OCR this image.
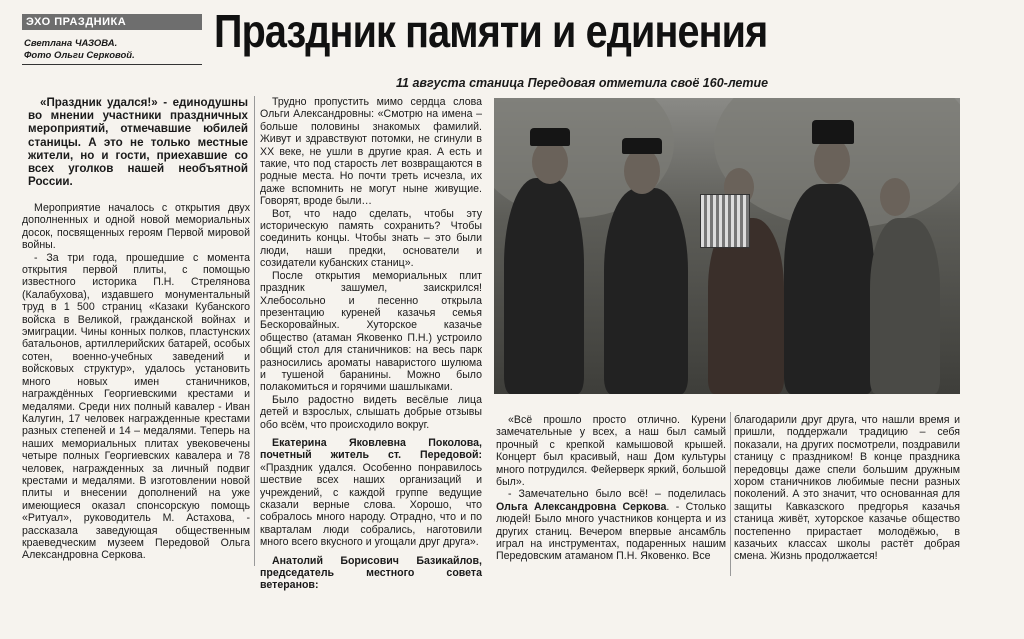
ЭХО ПРАЗДНИКА
Светлана ЧАЗОВА.
Фото Ольги Серковой. Праздник памяти и единения
11 августа станица Передовая отметила своё 160-летие
«Праздник удался!» - единодушны во мнении участники праздничных мероприятий, отмечавшие юбилей станицы. А это не только местные жители, но и гости, приехавшие со всех уголков нашей необъятной России.

Мероприятие началось с открытия двух дополненных и одной новой мемориальных досок, посвященных героям Первой мировой войны.

- За три года, прошедшие с момента открытия первой плиты, с помощью известного историка П.Н. Стрелянова (Калабухова), издавшего монументальный труд в 1 500 страниц «Казаки Кубанского войска в Великой, гражданской войнах и эмиграции. Чины конных полков, пластунских батальонов, артиллерийских батарей, особых сотен, военно-учебных заведений и войсковых структур», удалось установить много новых имен станичников, награждённых Георгиевскими крестами и медалями. Среди них полный кавалер - Иван Калугин, 17 человек награжденные крестами разных степеней и 14 – медалями. Теперь на наших мемориальных плитах увековечены четыре полных Георгиевских кавалера и 78 человек, награжденных за личный подвиг крестами и медалями. В изготовлении новой плиты и внесении дополнений на уже имеющиеся оказал спонсорскую помощь «Ритуал», руководитель М. Астахова, - рассказала заведующая общественным краеведческим музеем Передовой Ольга Александровна Серкова.

Трудно пропустить мимо сердца слова Ольги Александровны: «Смотрю на имена – больше половины знакомых фамилий. Живут и здравствуют потомки, не сгинули в ХХ веке, не ушли в другие края. А есть и такие, что под старость лет возвращаются в родные места. Но почти треть исчезла, их даже вспомнить не могут ныне живущие. Говорят, вроде были…

Вот, что надо сделать, чтобы эту историческую память сохранить? Чтобы соединить концы. Чтобы знать – это были люди, наши предки, основатели и созидатели кубанских станиц».

После открытия мемориальных плит праздник зашумел, заискрился! Хлебосольно и песенно открыла презентацию куреней казачья семья Бескоровайных. Хуторское казачье общество (атаман Яковенко П.Н.) устроило общий стол для станичников: на весь парк разносились ароматы наваристого шулюма и тушеной баранины. Можно было полакомиться и горячими шашлыками.

Было радостно видеть весёлые лица детей и взрослых, слышать добрые отзывы обо всём, что происходило вокруг.

Екатерина Яковлевна Поколова, почетный житель ст. Передовой: «Праздник удался. Особенно понравилось шествие всех наших организаций и учреждений, с каждой группе ведущие сказали верные слова. Хорошо, что собралось много народу. Отрадно, что и по кварталам люди собрались, наготовили много всего вкусного и угощали друг друга».

Анатолий Борисович Базикайлов, председатель местного совета ветеранов:

«Всё прошло просто отлично. Курени замечательные у всех, а наш был самый прочный с крепкой камышовой крышей. Концерт был красивый, наш Дом культуры много потрудился. Фейерверк яркий, большой был».

- Замечательно было всё! – поделилась Ольга Александровна Серкова. - Столько людей! Было много участников концерта и из других станиц. Вечером впервые ансамбль играл на инструментах, подаренных нашим Передовским атаманом П.Н. Яковенко. Все

благодарили друг друга, что нашли время и пришли, поддержали традицию – себя показали, на других посмотрели, поздравили станицу с праздником! В конце праздника передовцы даже спели большим дружным хором станичников любимые песни разных поколений. А это значит, что основанная для защиты Кавказского предгорья казачья станица живёт, хуторское казачье общество постепенно прирастает молодёжью, в казачьих классах школы растёт добрая смена. Жизнь продолжается!
